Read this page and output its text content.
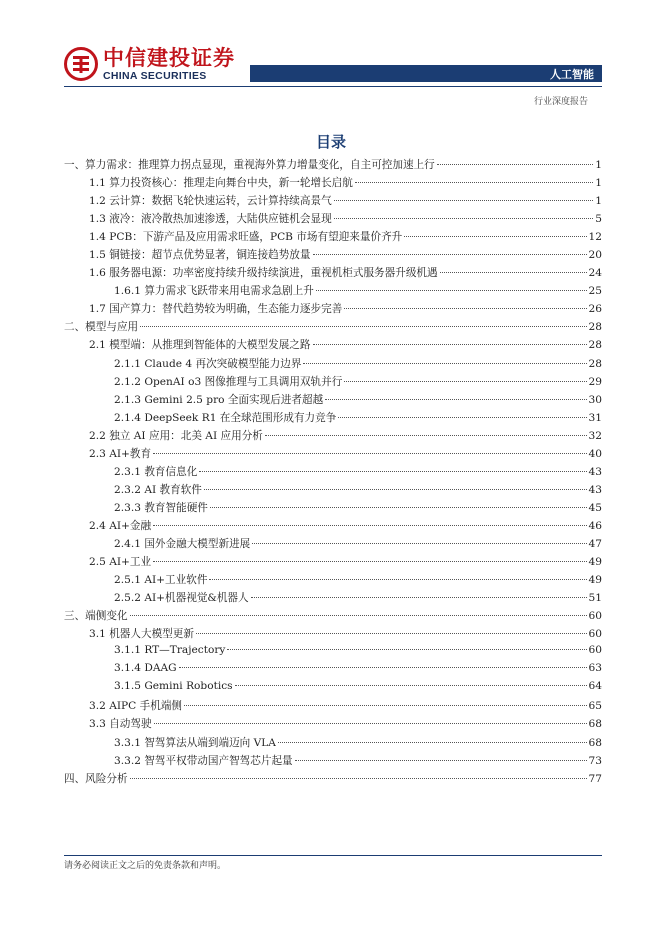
中信建投证券
CHINA SECURITIES	人工智能
行业深度报告
目录
一、算力需求：推理算力拐点显现，重视海外算力增量变化，自主可控加速上行	1
1.1 算力投资核心：推理走向舞台中央，新一轮增长启航	1
1.2 云计算：数据飞轮快速运转，云计算持续高景气	1
1.3 液冷：液冷散热加速渗透，大陆供应链机会显现	5
1.4 PCB：下游产品及应用需求旺盛，PCB 市场有望迎来量价齐升	12
1.5 铜链接：超节点优势显著，铜连接趋势放量	20
1.6 服务器电源：功率密度持续升级持续演进，重视机柜式服务器升级机遇	24
1.6.1 算力需求飞跃带来用电需求急剧上升	25
1.7 国产算力：替代趋势较为明确，生态能力逐步完善	26
二、模型与应用	28
2.1 模型端：从推理到智能体的大模型发展之路	28
2.1.1 Claude 4 再次突破模型能力边界	28
2.1.2 OpenAI o3 图像推理与工具调用双轨并行	29
2.1.3 Gemini 2.5 pro 全面实现后进者超越	30
2.1.4 DeepSeek R1 在全球范围形成有力竞争	31
2.2 独立 AI 应用：北美 AI 应用分析	32
2.3 AI+教育	40
2.3.1 教育信息化	43
2.3.2 AI 教育软件	43
2.3.3 教育智能硬件	45
2.4 AI+金融	46
2.4.1 国外金融大模型新进展	47
2.5 AI+工业	49
2.5.1 AI+工业软件	49
2.5.2 AI+机器视觉&机器人	51
三、端侧变化	60
3.1 机器人大模型更新	60
3.1.1 RT—Trajectory	60
3.1.4 DAAG	63
3.1.5 Gemini Robotics	64
3.2 AIPC 手机端侧	65
3.3 自动驾驶	68
3.3.1 智驾算法从端到端迈向 VLA	68
3.3.2 智驾平权带动国产智驾芯片起量	73
四、风险分析	77
请务必阅读正文之后的免责条款和声明。
